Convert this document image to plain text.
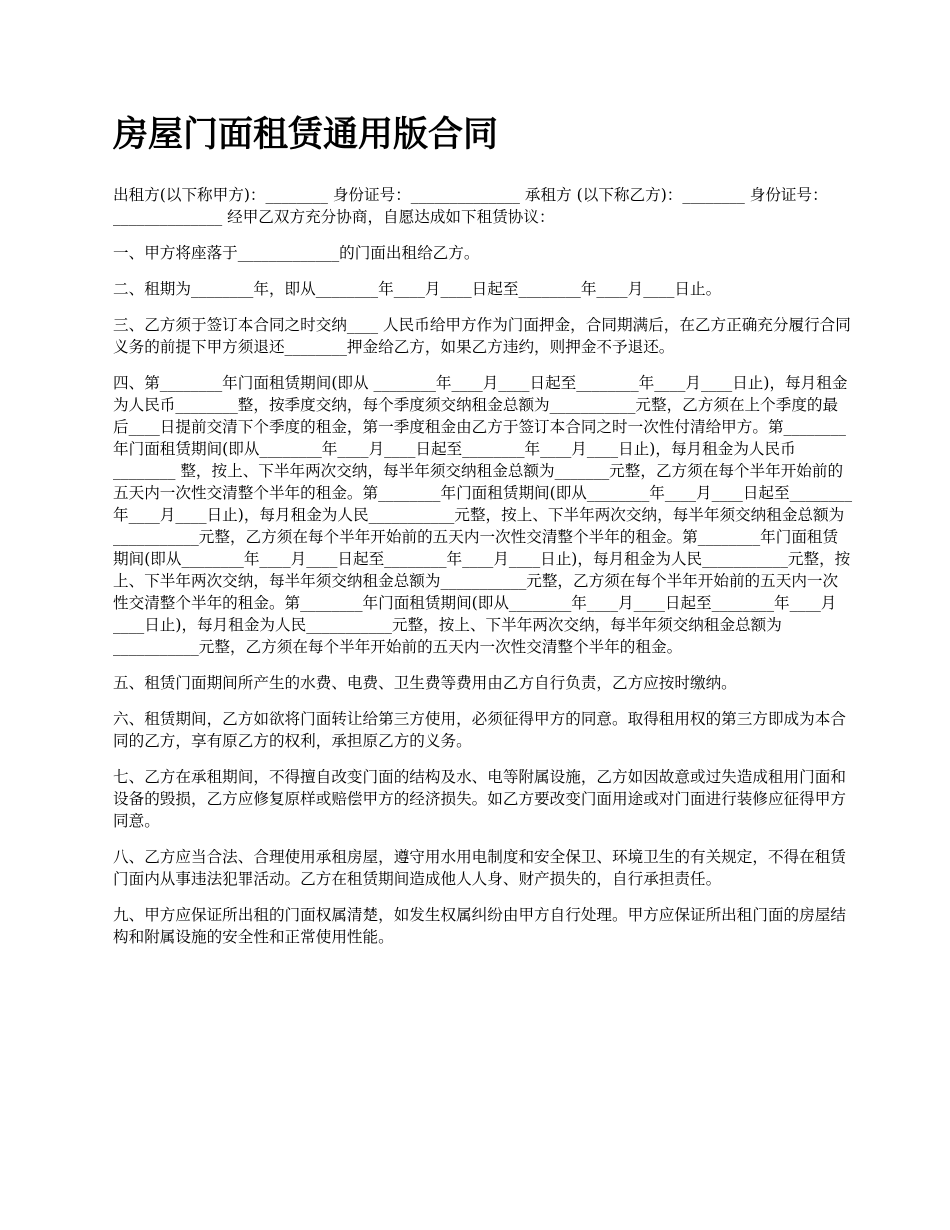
房屋门面租赁通用版合同

出租方(以下称甲方)：________ 身份证号：______________ 承租方 (以下称乙方)：________ 身份证号：______________ 经甲乙双方充分协商，自愿达成如下租赁协议：

一、甲方将座落于_____________的门面出租给乙方。

二、租期为________年，即从________年____月____日起至________年____月____日止。

三、乙方须于签订本合同之时交纳____ 人民币给甲方作为门面押金，合同期满后，在乙方正确充分履行合同义务的前提下甲方须退还________押金给乙方，如果乙方违约，则押金不予退还。

四、第________年门面租赁期间(即从 ________年____月____日起至________年____月____日止)，每月租金为人民币________整，按季度交纳，每个季度须交纳租金总额为___________元整，乙方须在上个季度的最后____日提前交清下个季度的租金，第一季度租金由乙方于签订本合同之时一次性付清给甲方。第________年门面租赁期间(即从________年____月____日起至________年____月____日止)，每月租金为人民币________ 整，按上、下半年两次交纳，每半年须交纳租金总额为_______元整，乙方须在每个半年开始前的五天内一次性交清整个半年的租金。第________年门面租赁期间(即从________年____月____日起至________年____月____日止)，每月租金为人民___________元整，按上、下半年两次交纳，每半年须交纳租金总额为___________元整，乙方须在每个半年开始前的五天内一次性交清整个半年的租金。第________年门面租赁期间(即从________年____月____日起至________年____月____日止)，每月租金为人民___________元整，按上、下半年两次交纳，每半年须交纳租金总额为___________元整，乙方须在每个半年开始前的五天内一次性交清整个半年的租金。第________年门面租赁期间(即从________年____月____日起至________年____月____日止)，每月租金为人民___________元整，按上、下半年两次交纳，每半年须交纳租金总额为___________元整，乙方须在每个半年开始前的五天内一次性交清整个半年的租金。

五、租赁门面期间所产生的水费、电费、卫生费等费用由乙方自行负责，乙方应按时缴纳。

六、租赁期间，乙方如欲将门面转让给第三方使用，必须征得甲方的同意。取得租用权的第三方即成为本合同的乙方，享有原乙方的权利，承担原乙方的义务。

七、乙方在承租期间，不得擅自改变门面的结构及水、电等附属设施，乙方如因故意或过失造成租用门面和设备的毁损，乙方应修复原样或赔偿甲方的经济损失。如乙方要改变门面用途或对门面进行装修应征得甲方同意。

八、乙方应当合法、合理使用承租房屋，遵守用水用电制度和安全保卫、环境卫生的有关规定，不得在租赁门面内从事违法犯罪活动。乙方在租赁期间造成他人人身、财产损失的，自行承担责任。

九、甲方应保证所出租的门面权属清楚，如发生权属纠纷由甲方自行处理。甲方应保证所出租门面的房屋结构和附属设施的安全性和正常使用性能。
